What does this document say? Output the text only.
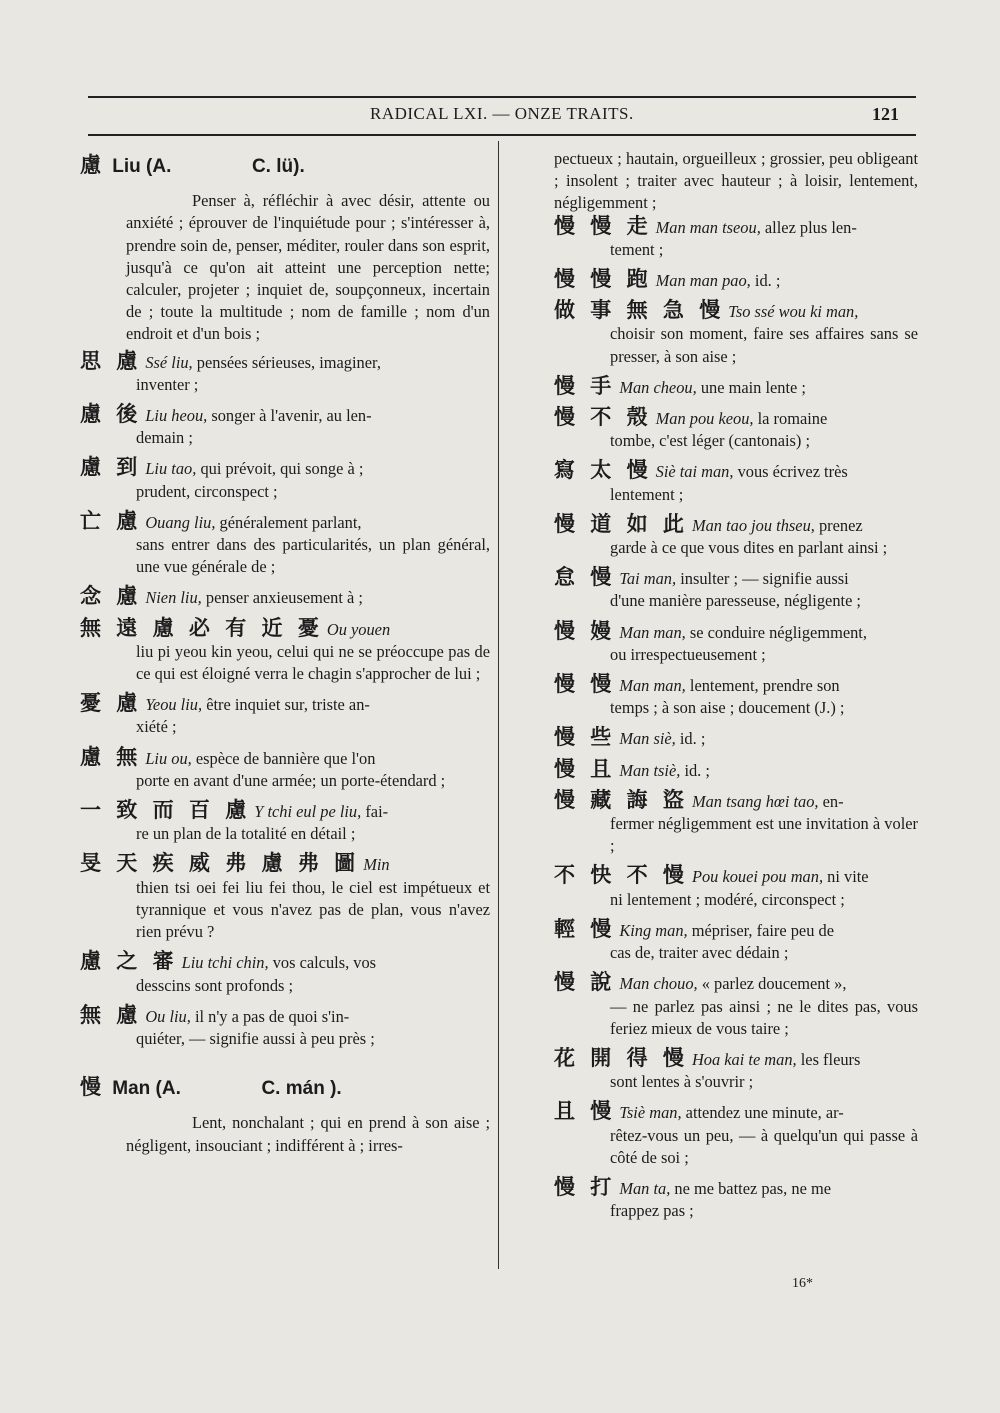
RADICAL LXI. — ONZE TRAITS.	121
慮 Liu (A.	C. lü).
Penser à, réfléchir à avec désir, attente ou anxiété ; éprouver de l'inquiétude pour ; s'intéresser à, prendre soin de, penser, méditer, rouler dans son esprit, jusqu'à ce qu'on ait atteint une perception nette; calculer, projeter ; inquiet de, soupçonneux, incertain de ; toute la multitude ; nom de famille ; nom d'un endroit et d'un bois ;
思 慮 Ssé liu, pensées sérieuses, imaginer,
inventer ;
慮 後 Liu heou, songer à l'avenir, au len-
demain ;
慮 到 Liu tao, qui prévoit, qui songe à ;
prudent, circonspect ;
亡 慮 Ouang liu, généralement parlant,
sans entrer dans des particularités, un plan général, une vue générale de ;
念 慮 Nien liu, penser anxieusement à ;
無 遠 慮 必 有 近 憂 Ou youen
liu pi yeou kin yeou, celui qui ne se préoccupe pas de ce qui est éloigné verra le chagin s'approcher de lui ;
憂 慮 Yeou liu, être inquiet sur, triste an-
xiété ;
慮 無 Liu ou, espèce de bannière que l'on
porte en avant d'une armée; un porte-étendard ;
一 致 而 百 慮 Y tchi eul pe liu, fai-
re un plan de la totalité en détail ;
旻 天 疾 威 弗 慮 弗 圖 Min
thien tsi oei fei liu fei thou, le ciel est impétueux et tyrannique et vous n'avez pas de plan, vous n'avez rien prévu ?
慮 之 審 Liu tchi chin, vos calculs, vos
desscins sont profonds ;
無 慮 Ou liu, il n'y a pas de quoi s'in-
quiéter, — signifie aussi à peu près ;
慢 Man (A.	C. mán ).
Lent, nonchalant ; qui en prend à son aise ; négligent, insouciant ; indifférent à ; irres-
pectueux ; hautain, orgueilleux ; grossier, peu obligeant ; insolent ; traiter avec hauteur ; à loisir, lentement, négligemment ;
慢 慢 走 Man man tseou, allez plus len-
tement ;
慢 慢 跑 Man man pao, id. ;
做 事 無 急 慢 Tso ssé wou ki man,
choisir son moment, faire ses affaires sans se presser, à son aise ;
慢 手 Man cheou, une main lente ;
慢 不 殼 Man pou keou, la romaine
tombe, c'est léger (cantonais) ;
寫 太 慢 Siè tai man, vous écrivez très
lentement ;
慢 道 如 此 Man tao jou thseu, prenez
garde à ce que vous dites en parlant ainsi ;
怠 慢 Tai man, insulter ; — signifie aussi
d'une manière paresseuse, négligente ;
慢 嫚 Man man, se conduire négligemment,
ou irrespectueusement ;
慢 慢 Man man, lentement, prendre son
temps ; à son aise ; doucement (J.) ;
慢 些 Man siè, id. ;
慢 且 Man tsiè, id. ;
慢 藏 誨 盜 Man tsang hœi tao, en-
fermer négligemment est une invitation à voler ;
不 快 不 慢 Pou kouei pou man, ni vite
ni lentement ; modéré, circonspect ;
輕 慢 King man, mépriser, faire peu de
cas de, traiter avec dédain ;
慢 說 Man chouo, « parlez doucement »,
— ne parlez pas ainsi ; ne le dites pas, vous feriez mieux de vous taire ;
花 開 得 慢 Hoa kai te man, les fleurs
sont lentes à s'ouvrir ;
且 慢 Tsiè man, attendez une minute, ar-
rêtez-vous un peu, — à quelqu'un qui passe à côté de soi ;
慢 打 Man ta, ne me battez pas, ne me
frappez pas ;
16*
